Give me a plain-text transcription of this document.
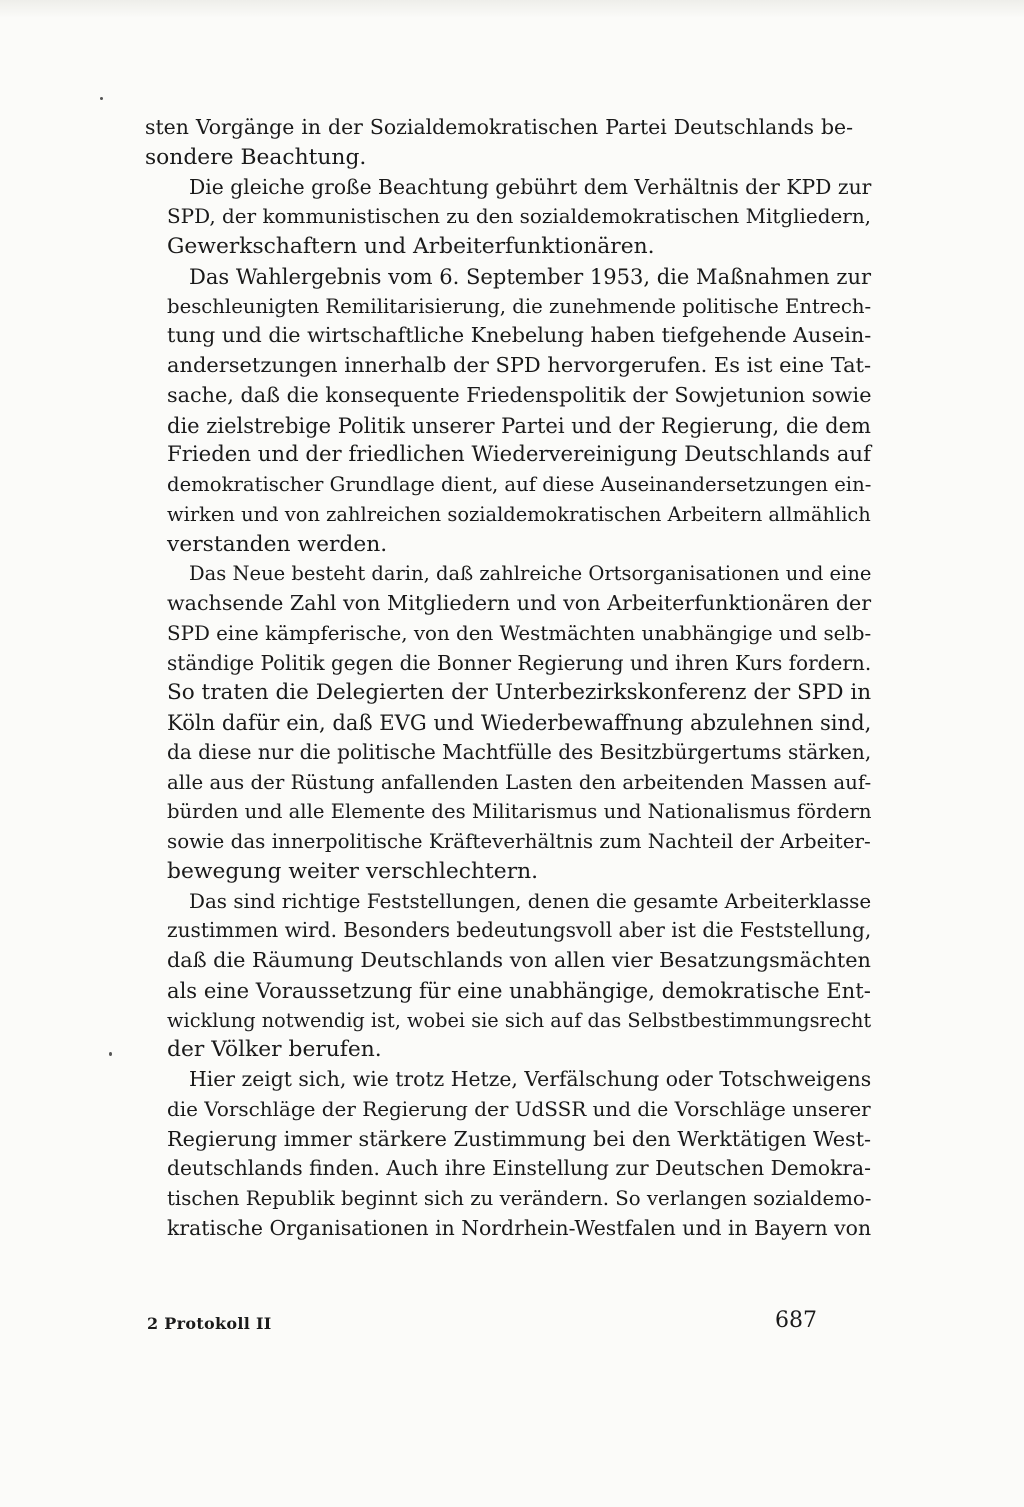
sten Vorgänge in der Sozialdemokratischen Partei Deutschlands be-
sondere Beachtung.
Die gleiche große Beachtung gebührt dem Verhältnis der KPD zur
SPD, der kommunistischen zu den sozialdemokratischen Mitgliedern,
Gewerkschaftern und Arbeiterfunktionären.
Das Wahlergebnis vom 6. September 1953, die Maßnahmen zur
beschleunigten Remilitarisierung, die zunehmende politische Entrech-
tung und die wirtschaftliche Knebelung haben tiefgehende Ausein-
andersetzungen innerhalb der SPD hervorgerufen. Es ist eine Tat-
sache, daß die konsequente Friedenspolitik der Sowjetunion sowie
die zielstrebige Politik unserer Partei und der Regierung, die dem
Frieden und der friedlichen Wiedervereinigung Deutschlands auf
demokratischer Grundlage dient, auf diese Auseinandersetzungen ein-
wirken und von zahlreichen sozialdemokratischen Arbeitern allmählich
verstanden werden.
Das Neue besteht darin, daß zahlreiche Ortsorganisationen und eine
wachsende Zahl von Mitgliedern und von Arbeiterfunktionären der
SPD eine kämpferische, von den Westmächten unabhängige und selb-
ständige Politik gegen die Bonner Regierung und ihren Kurs fordern.
So traten die Delegierten der Unterbezirkskonferenz der SPD in
Köln dafür ein, daß EVG und Wiederbewaffnung abzulehnen sind,
da diese nur die politische Machtfülle des Besitzbürgertums stärken,
alle aus der Rüstung anfallenden Lasten den arbeitenden Massen auf-
bürden und alle Elemente des Militarismus und Nationalismus fördern
sowie das innerpolitische Kräfteverhältnis zum Nachteil der Arbeiter-
bewegung weiter verschlechtern.
Das sind richtige Feststellungen, denen die gesamte Arbeiterklasse
zustimmen wird. Besonders bedeutungsvoll aber ist die Feststellung,
daß die Räumung Deutschlands von allen vier Besatzungsmächten
als eine Voraussetzung für eine unabhängige, demokratische Ent-
wicklung notwendig ist, wobei sie sich auf das Selbstbestimmungsrecht
der Völker berufen.
Hier zeigt sich, wie trotz Hetze, Verfälschung oder Totschweigens
die Vorschläge der Regierung der UdSSR und die Vorschläge unserer
Regierung immer stärkere Zustimmung bei den Werktätigen West-
deutschlands finden. Auch ihre Einstellung zur Deutschen Demokra-
tischen Republik beginnt sich zu verändern. So verlangen sozialdemo-
kratische Organisationen in Nordrhein-Westfalen und in Bayern von
2 Protokoll II	687
